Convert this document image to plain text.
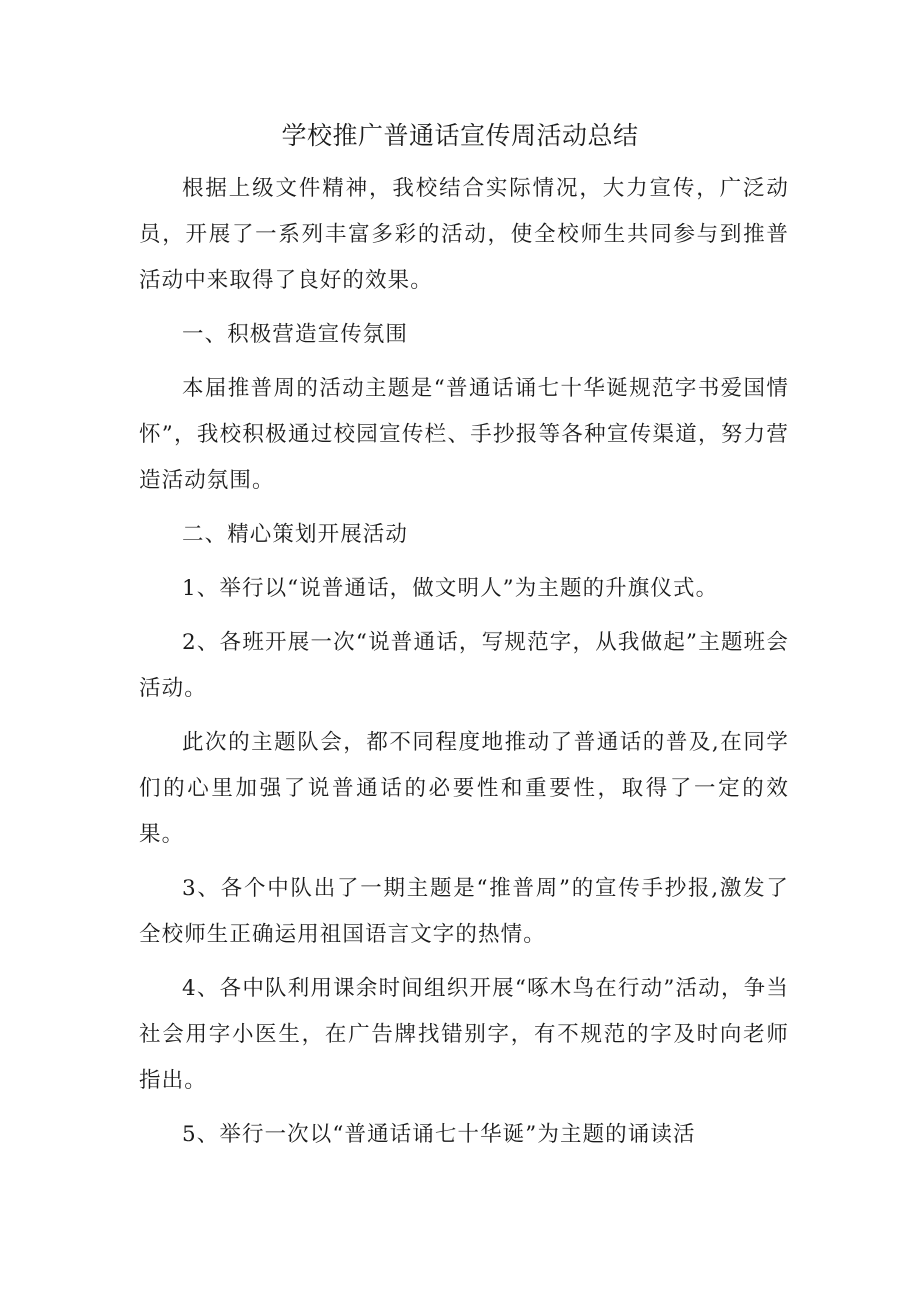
学校推广普通话宣传周活动总结

根据上级文件精神，我校结合实际情况，大力宣传，广泛动员，开展了一系列丰富多彩的活动，使全校师生共同参与到推普活动中来取得了良好的效果。

一、积极营造宣传氛围

本届推普周的活动主题是“普通话诵七十华诞规范字书爱国情怀”，我校积极通过校园宣传栏、手抄报等各种宣传渠道，努力营造活动氛围。

二、精心策划开展活动

1、举行以“说普通话，做文明人”为主题的升旗仪式。

2、各班开展一次“说普通话，写规范字，从我做起”主题班会活动。

此次的主题队会，都不同程度地推动了普通话的普及,在同学们的心里加强了说普通话的必要性和重要性，取得了一定的效果。

3、各个中队出了一期主题是“推普周”的宣传手抄报,激发了全校师生正确运用祖国语言文字的热情。

4、各中队利用课余时间组织开展“啄木鸟在行动”活动，争当社会用字小医生，在广告牌找错别字，有不规范的字及时向老师指出。

5、举行一次以“普通话诵七十华诞”为主题的诵读活
